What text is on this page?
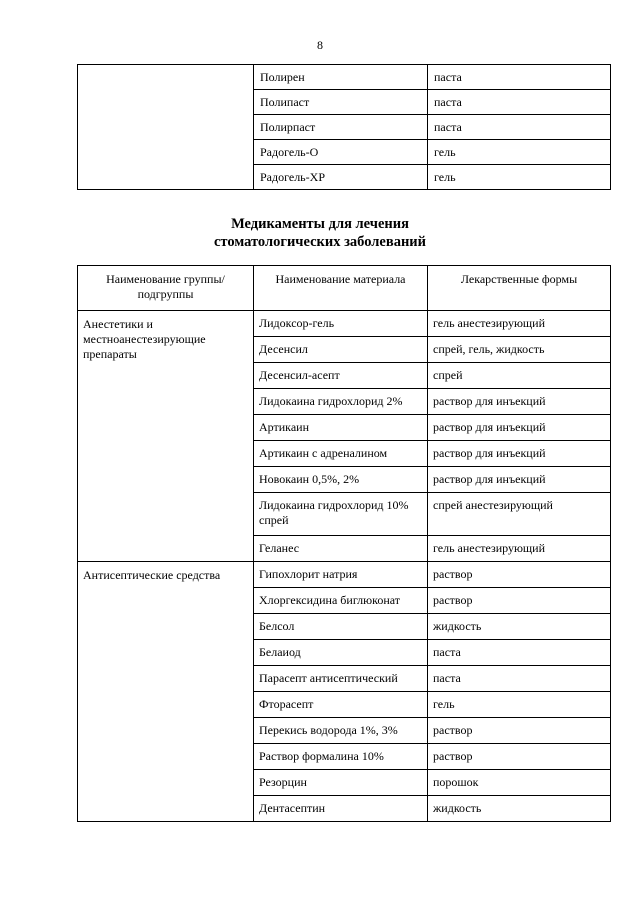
8
	Полирен	паста
	Полипаст	паста
	Полирпаст	паста
	Радогель-О	гель
	Радогель-ХР	гель
Медикаменты для лечения
стоматологических заболеваний
Наименование группы/подгруппы	Наименование материала	Лекарственные формы
Анестетики и местноанестезирующие препараты	Лидоксор-гель	гель анестезирующий
	Десенсил	спрей, гель, жидкость
	Десенсил-асепт	спрей
	Лидокаина гидрохлорид 2%	раствор для инъекций
	Артикаин	раствор для инъекций
	Артикаин с адреналином	раствор для инъекций
	Новокаин 0,5%, 2%	раствор для инъекций
	Лидокаина гидрохлорид 10% спрей	спрей анестезирующий
	Геланес	гель анестезирующий
Антисептические средства	Гипохлорит натрия	раствор
	Хлоргексидина биглюконат	раствор
	Белсол	жидкость
	Белаиод	паста
	Парасепт антисептический	паста
	Фторасепт	гель
	Перекись водорода 1%, 3%	раствор
	Раствор формалина 10%	раствор
	Резорцин	порошок
	Дентасептин	жидкость
